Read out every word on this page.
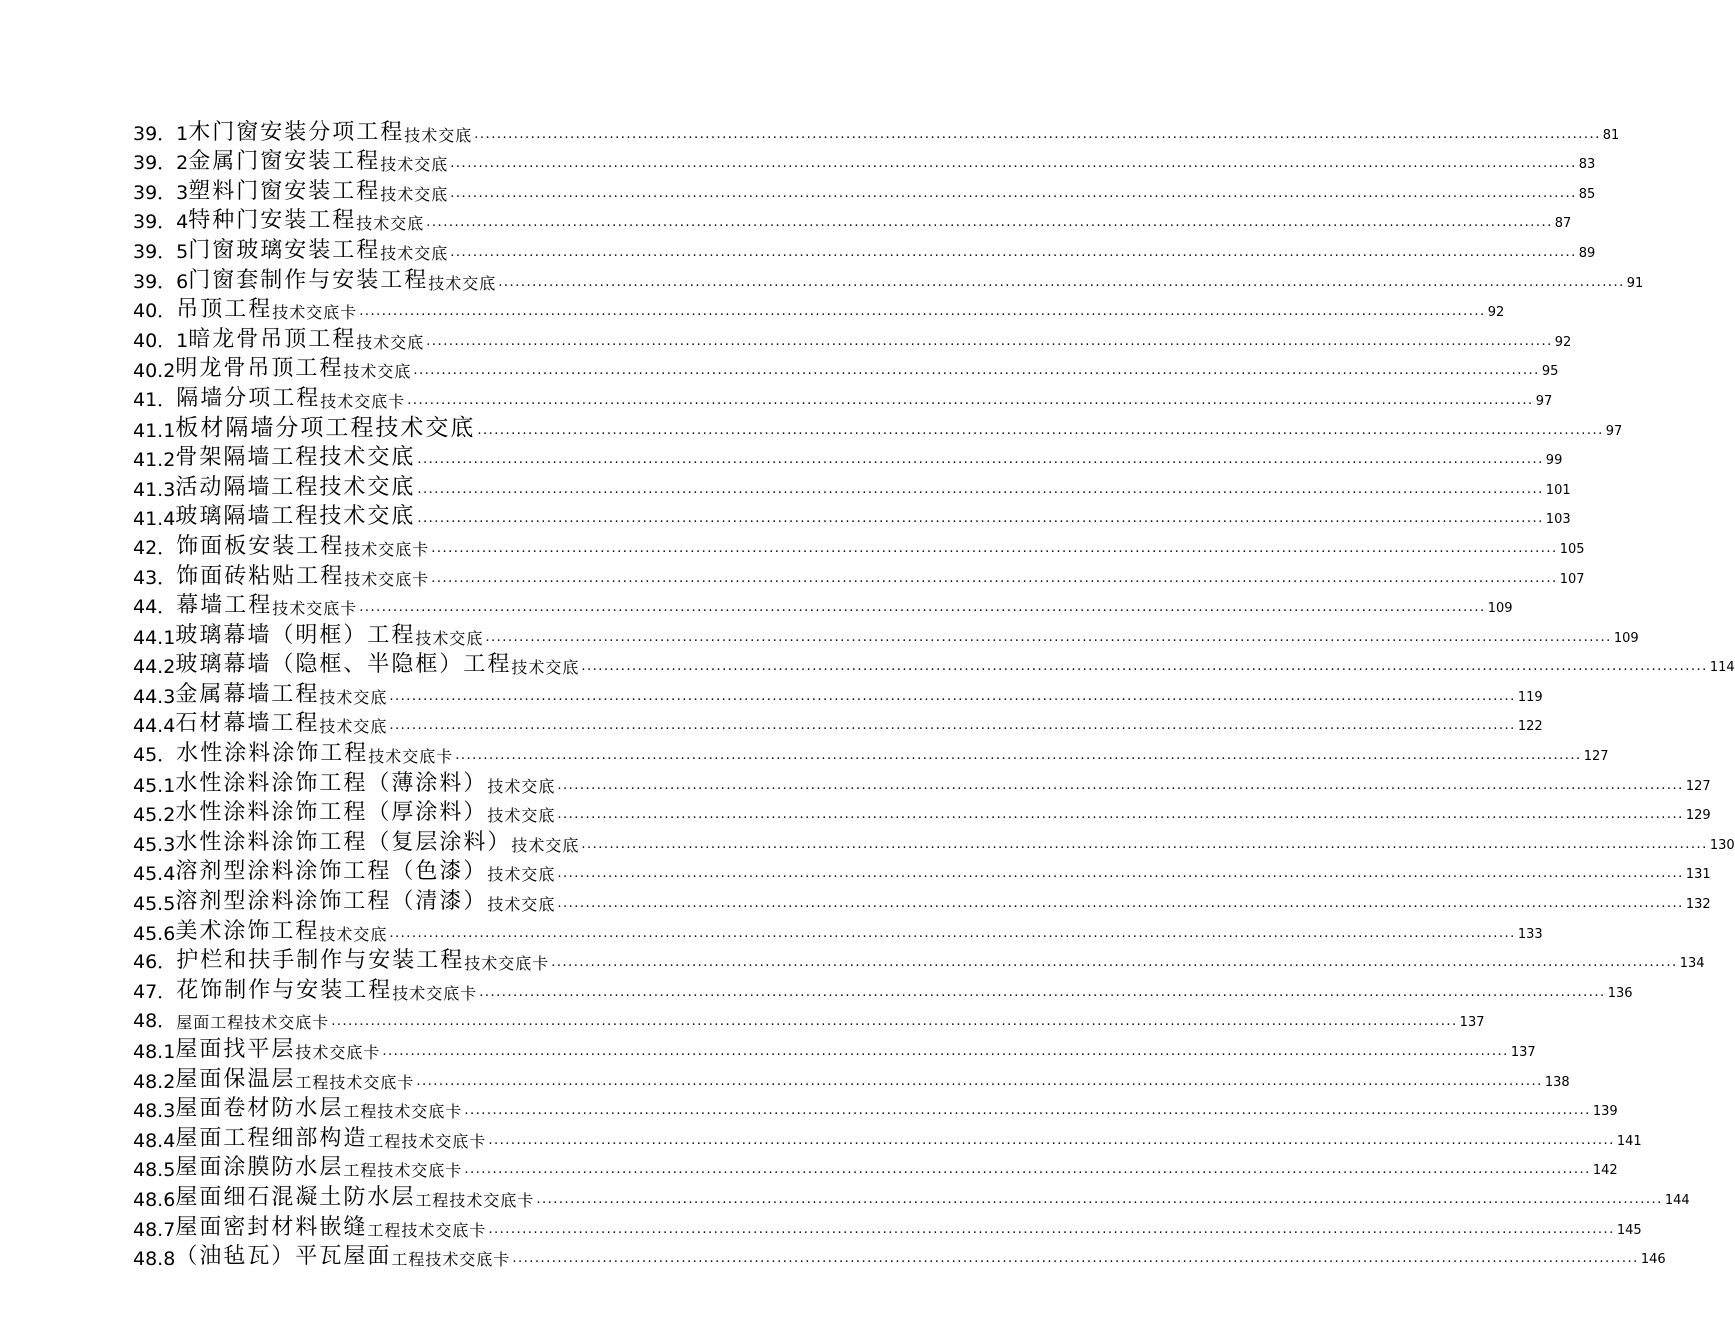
39．1 木门窗安装分项工程 技术交底 ........................................................................................................................................................................................................ 81
39．2 金属门窗安装工程 技术交底 ........................................................................................................................................................................................................ 83
39．3 塑料门窗安装工程 技术交底 ........................................................................................................................................................................................................ 85
39．4 特种门安装工程 技术交底 ........................................................................................................................................................................................................ 87
39．5 门窗玻璃安装工程 技术交底 ........................................................................................................................................................................................................ 89
39．6 门窗套制作与安装工程 技术交底 ........................................................................................................................................................................................................ 91
40． 吊顶工程 技术交底卡 ........................................................................................................................................................................................................ 92
40．1 暗龙骨吊顶工程 技术交底 ........................................................................................................................................................................................................ 92
40.2 明龙骨吊顶工程 技术交底 ........................................................................................................................................................................................................ 95
41． 隔墙分项工程 技术交底卡 ........................................................................................................................................................................................................ 97
41.1 板材隔墙分项工程技术交底 ........................................................................................................................................................................................................ 97
41.2 骨架隔墙工程技术交底 ........................................................................................................................................................................................................ 99
41.3 活动隔墙工程技术交底 ........................................................................................................................................................................................................ 101
41.4 玻璃隔墙工程技术交底 ........................................................................................................................................................................................................ 103
42． 饰面板安装工程 技术交底卡 ........................................................................................................................................................................................................ 105
43． 饰面砖粘贴工程 技术交底卡 ........................................................................................................................................................................................................ 107
44． 幕墙工程 技术交底卡 ........................................................................................................................................................................................................ 109
44.1 玻璃幕墙（明框）工程 技术交底 ........................................................................................................................................................................................................ 109
44.2 玻璃幕墙（隐框、半隐框）工程 技术交底 ........................................................................................................................................................................................................ 114
44.3 金属幕墙工程 技术交底 ........................................................................................................................................................................................................ 119
44.4 石材幕墙工程 技术交底 ........................................................................................................................................................................................................ 122
45． 水性涂料涂饰工程 技术交底卡 ........................................................................................................................................................................................................ 127
45.1 水性涂料涂饰工程（薄涂料） 技术交底 ........................................................................................................................................................................................................ 127
45.2 水性涂料涂饰工程（厚涂料） 技术交底 ........................................................................................................................................................................................................ 129
45.3 水性涂料涂饰工程（复层涂料） 技术交底 ........................................................................................................................................................................................................ 130
45.4 溶剂型涂料涂饰工程（色漆） 技术交底 ........................................................................................................................................................................................................ 131
45.5 溶剂型涂料涂饰工程（清漆） 技术交底 ........................................................................................................................................................................................................ 132
45.6 美术涂饰工程 技术交底 ........................................................................................................................................................................................................ 133
46． 护栏和扶手制作与安装工程 技术交底卡 ........................................................................................................................................................................................................ 134
47． 花饰制作与安装工程 技术交底卡 ........................................................................................................................................................................................................ 136
48． 屋面工程技术交底卡 ........................................................................................................................................................................................................ 137
48.1 屋面找平层 技术交底卡 ........................................................................................................................................................................................................ 137
48.2 屋面保温层 工程技术交底卡 ........................................................................................................................................................................................................ 138
48.3 屋面卷材防水层 工程技术交底卡 ........................................................................................................................................................................................................ 139
48.4 屋面工程细部构造 工程技术交底卡 ........................................................................................................................................................................................................ 141
48.5 屋面涂膜防水层 工程技术交底卡 ........................................................................................................................................................................................................ 142
48.6 屋面细石混凝土防水层 工程技术交底卡 ........................................................................................................................................................................................................ 144
48.7 屋面密封材料嵌缝 工程技术交底卡 ........................................................................................................................................................................................................ 145
48.8 （油毡瓦）平瓦屋面 工程技术交底卡 ........................................................................................................................................................................................................ 146
